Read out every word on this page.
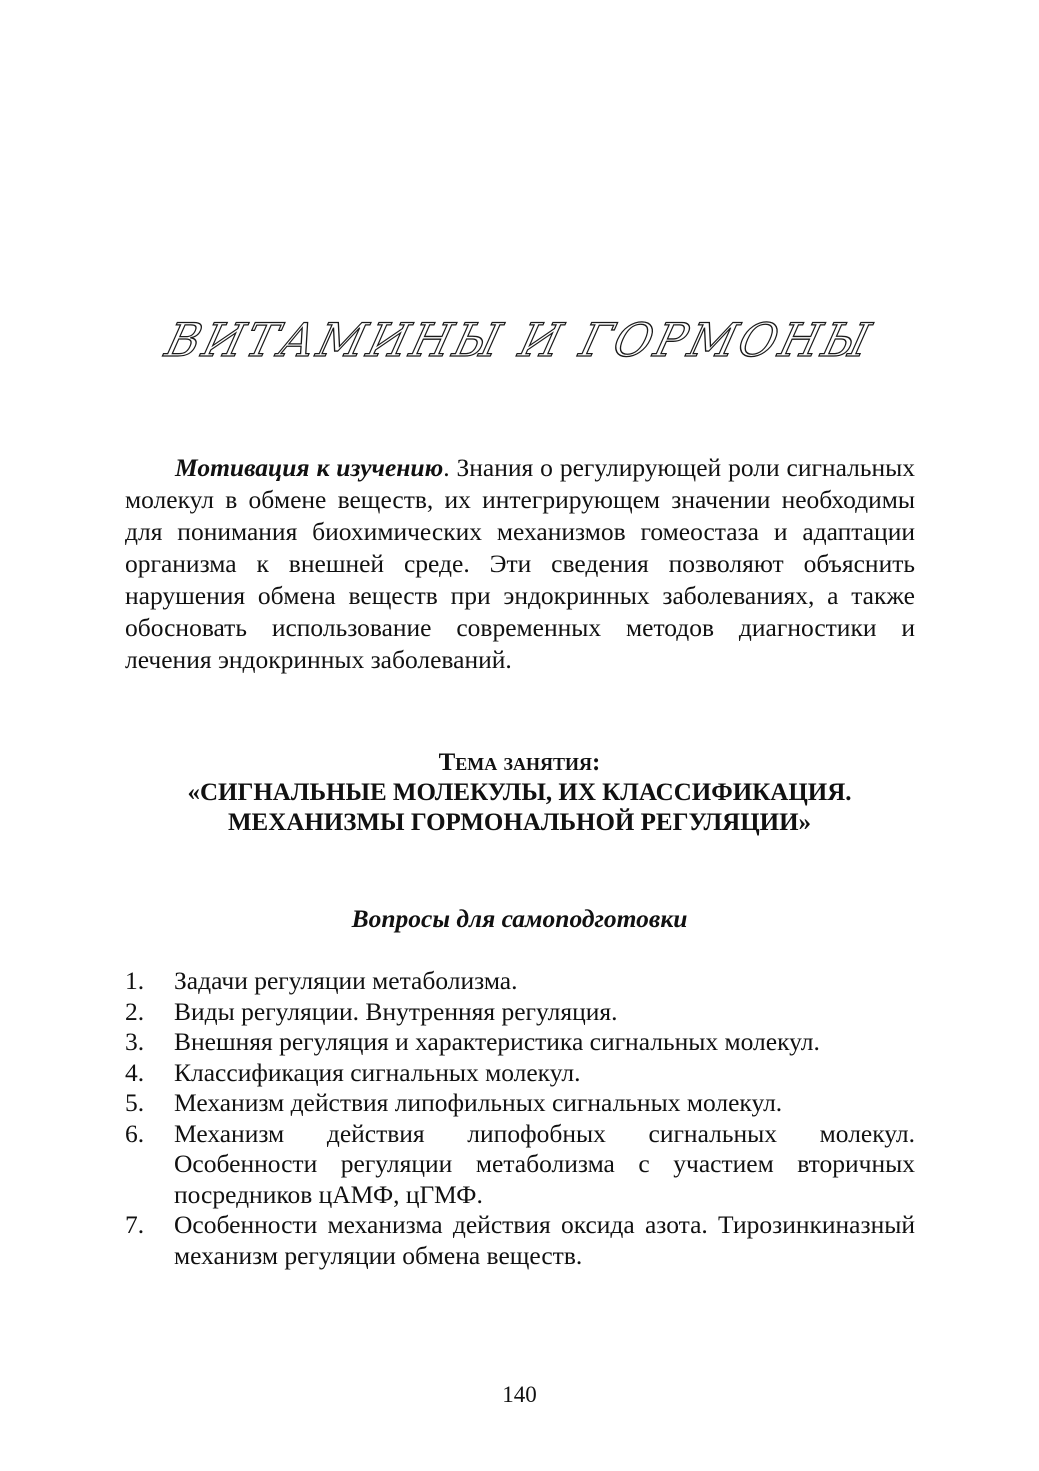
ВИТАМИНЫ И ГОРМОНЫ

Мотивация к изучению. Знания о регулирующей роли сигнальных молекул в обмене веществ, их интегрирующем значении необходимы для понимания биохимических механизмов гомеостаза и адаптации организма к внешней среде. Эти сведения позволяют объяснить нарушения обмена веществ при эндокринных заболеваниях, а также обосновать использование современных методов диагностики и лечения эндокринных заболеваний.

Тема занятия:
«СИГНАЛЬНЫЕ МОЛЕКУЛЫ, ИХ КЛАССИФИКАЦИЯ.
МЕХАНИЗМЫ ГОРМОНАЛЬНОЙ РЕГУЛЯЦИИ»
Вопросы для самоподготовки
1.	Задачи регуляции метаболизма.
2.	Виды регуляции. Внутренняя регуляция.
3.	Внешняя регуляция и характеристика сигнальных молекул.
4.	Классификация сигнальных молекул.
5.	Механизм действия липофильных сигнальных молекул.
6.	Механизм действия липофобных сигнальных молекул. Особенности регуляции метаболизма с участием вторичных посредников цАМФ, цГМФ.
7.	Особенности механизма действия оксида азота. Тирозинкиназный механизм регуляции обмена веществ.
140
